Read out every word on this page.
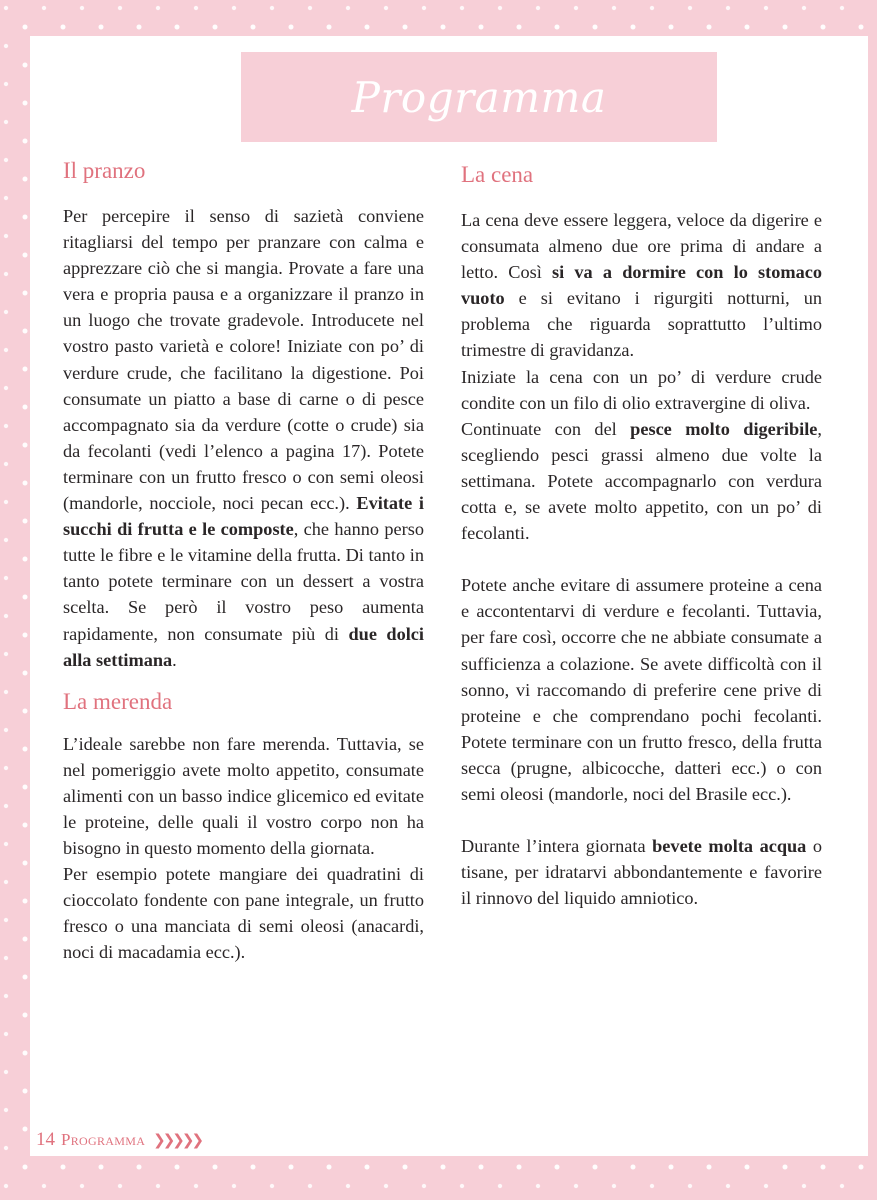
Programma
Il pranzo

Per percepire il senso di sazietà conviene ritagliarsi del tempo per pranzare con calma e apprezzare ciò che si mangia. Provate a fare una vera e propria pausa e a organizzare il pranzo in un luogo che trovate gradevole. Introducete nel vostro pasto varietà e colore! Iniziate con po’ di verdure crude, che facilitano la digestione. Poi consumate un piatto a base di carne o di pesce accompagnato sia da verdure (cotte o crude) sia da fecolanti (vedi l’elenco a pagina 17). Potete terminare con un frutto fresco o con semi oleosi (mandorle, nocciole, noci pecan ecc.). Evitate i succhi di frutta e le composte, che hanno perso tutte le fibre e le vitamine della frutta. Di tanto in tanto potete terminare con un dessert a vostra scelta. Se però il vostro peso aumenta rapidamente, non consumate più di due dolci alla settimana.

La merenda

L’ideale sarebbe non fare merenda. Tuttavia, se nel pomeriggio avete molto appetito, consumate alimenti con un basso indice glicemico ed evitate le proteine, delle quali il vostro corpo non ha bisogno in questo momento della giornata.

Per esempio potete mangiare dei quadratini di cioccolato fondente con pane integrale, un frutto fresco o una manciata di semi oleosi (anacardi, noci di macadamia ecc.).

La cena

La cena deve essere leggera, veloce da digerire e consumata almeno due ore prima di andare a letto. Così si va a dormire con lo stomaco vuoto e si evitano i rigurgiti notturni, un problema che riguarda soprattutto l’ultimo trimestre di gravidanza.

Iniziate la cena con un po’ di verdure crude condite con un filo di olio extravergine di oliva.

Continuate con del pesce molto digeribile, scegliendo pesci grassi almeno due volte la settimana. Potete accompagnarlo con verdura cotta e, se avete molto appetito, con un po’ di fecolanti.

Potete anche evitare di assumere proteine a cena e accontentarvi di verdure e fecolanti. Tuttavia, per fare così, occorre che ne abbiate consumate a sufficienza a colazione. Se avete difficoltà con il sonno, vi raccomando di preferire cene prive di proteine e che comprendano pochi fecolanti. Potete terminare con un frutto fresco, della frutta secca (prugne, albicocche, datteri ecc.) o con semi oleosi (mandorle, noci del Brasile ecc.).

Durante l’intera giornata bevete molta acqua o tisane, per idratarvi abbondantemente e favorire il rinnovo del liquido amniotico.

14 Programma ❯❯❯❯❯
